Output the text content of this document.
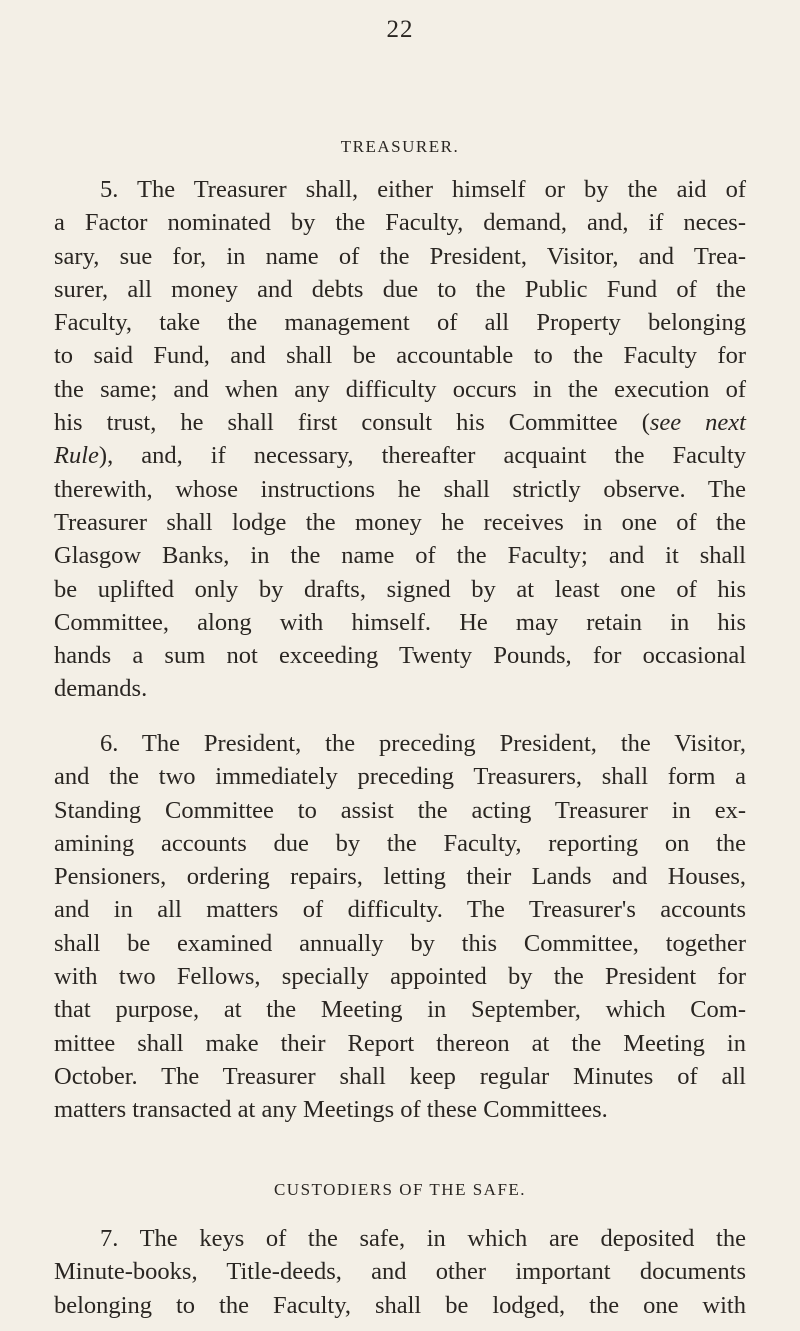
22
TREASURER.

5. The Treasurer shall, either himself or by the aid of
a Factor nominated by the Faculty, demand, and, if neces-
sary, sue for, in name of the President, Visitor, and Trea-
surer, all money and debts due to the Public Fund of the
Faculty, take the management of all Property belonging
to said Fund, and shall be accountable to the Faculty for
the same; and when any difficulty occurs in the execution of
his trust, he shall first consult his Committee (see next
Rule), and, if necessary, thereafter acquaint the Faculty
therewith, whose instructions he shall strictly observe. The
Treasurer shall lodge the money he receives in one of the
Glasgow Banks, in the name of the Faculty; and it shall
be uplifted only by drafts, signed by at least one of his
Committee, along with himself. He may retain in his
hands a sum not exceeding Twenty Pounds, for occasional
demands.

6. The President, the preceding President, the Visitor,
and the two immediately preceding Treasurers, shall form a
Standing Committee to assist the acting Treasurer in ex-
amining accounts due by the Faculty, reporting on the
Pensioners, ordering repairs, letting their Lands and Houses,
and in all matters of difficulty. The Treasurer's accounts
shall be examined annually by this Committee, together
with two Fellows, specially appointed by the President for
that purpose, at the Meeting in September, which Com-
mittee shall make their Report thereon at the Meeting in
October. The Treasurer shall keep regular Minutes of all
matters transacted at any Meetings of these Committees.

CUSTODIERS OF THE SAFE.

7. The keys of the safe, in which are deposited the
Minute-books, Title-deeds, and other important documents
belonging to the Faculty, shall be lodged, the one with
